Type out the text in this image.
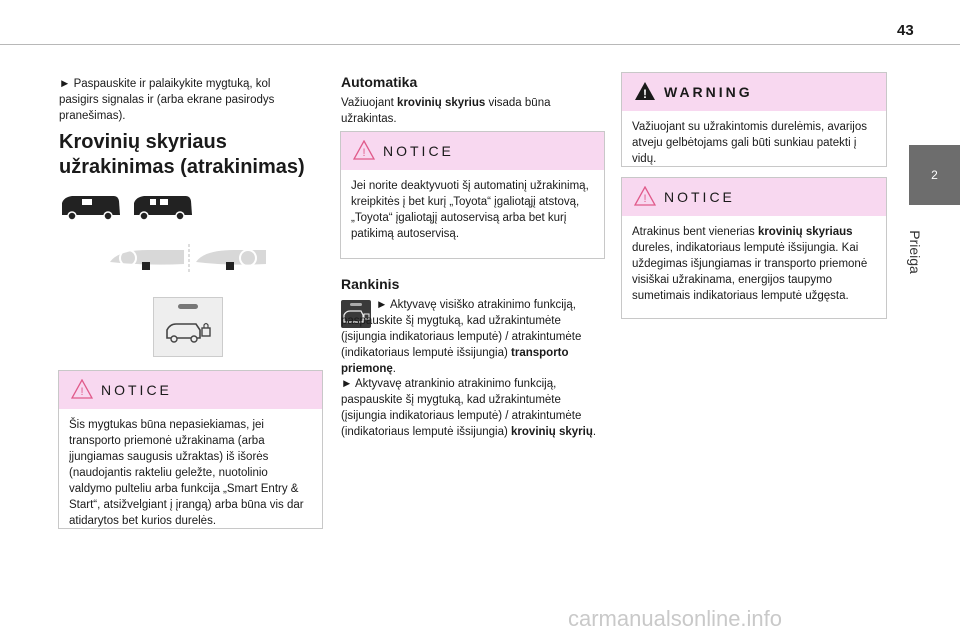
43
2
Prieiga

► Paspauskite ir palaikykite mygtuką, kol pasigirs signalas ir (arba ekrane pasirodys pranešimas).

Krovinių skyriaus užrakinimas (atrakinimas)
! NOTICE

Šis mygtukas būna nepasiekiamas, jei transporto priemonė užrakinama (arba įjungiamas saugusis užraktas) iš išorės (naudojantis rakteliu geležte, nuotolinio valdymo pulteliu arba funkcija „Smart Entry & Start“, atsižvelgiant į įrangą) arba būna vis dar atidarytos bet kurios durelės.

Automatika

Važiuojant krovinių skyrius visada būna užrakintas.

! NOTICE

Jei norite deaktyvuoti šį automatinį užrakinimą, kreipkitės į bet kurį „Toyota“ įgaliotąjį atstovą, „Toyota“ įgaliotąjį autoservisą arba bet kurį patikimą autoservisą.

Rankinis

► Aktyvavę visiško atrakinimo funkciją, paspauskite šį mygtuką, kad užrakintumėte (įsijungia indikatoriaus lemputė) / atrakintumėte (indikatoriaus lemputė išsijungia) transporto priemonę.

► Aktyvavę atrankinio atrakinimo funkciją, paspauskite šį mygtuką, kad užrakintumėte (įsijungia indikatoriaus lemputė) / atrakintumėte (indikatoriaus lemputė išsijungia) krovinių skyrių.

! WARNING

Važiuojant su užrakintomis durelėmis, avarijos atveju gelbėtojams gali būti sunkiau patekti į vidų.

! NOTICE

Atrakinus bent vienerias krovinių skyriaus dureles, indikatoriaus lemputė išsijungia. Kai uždegimas išjungiamas ir transporto priemonė visiškai užrakinama, energijos taupymo sumetimais indikatoriaus lemputė užgęsta.

carmanualsonline.info
